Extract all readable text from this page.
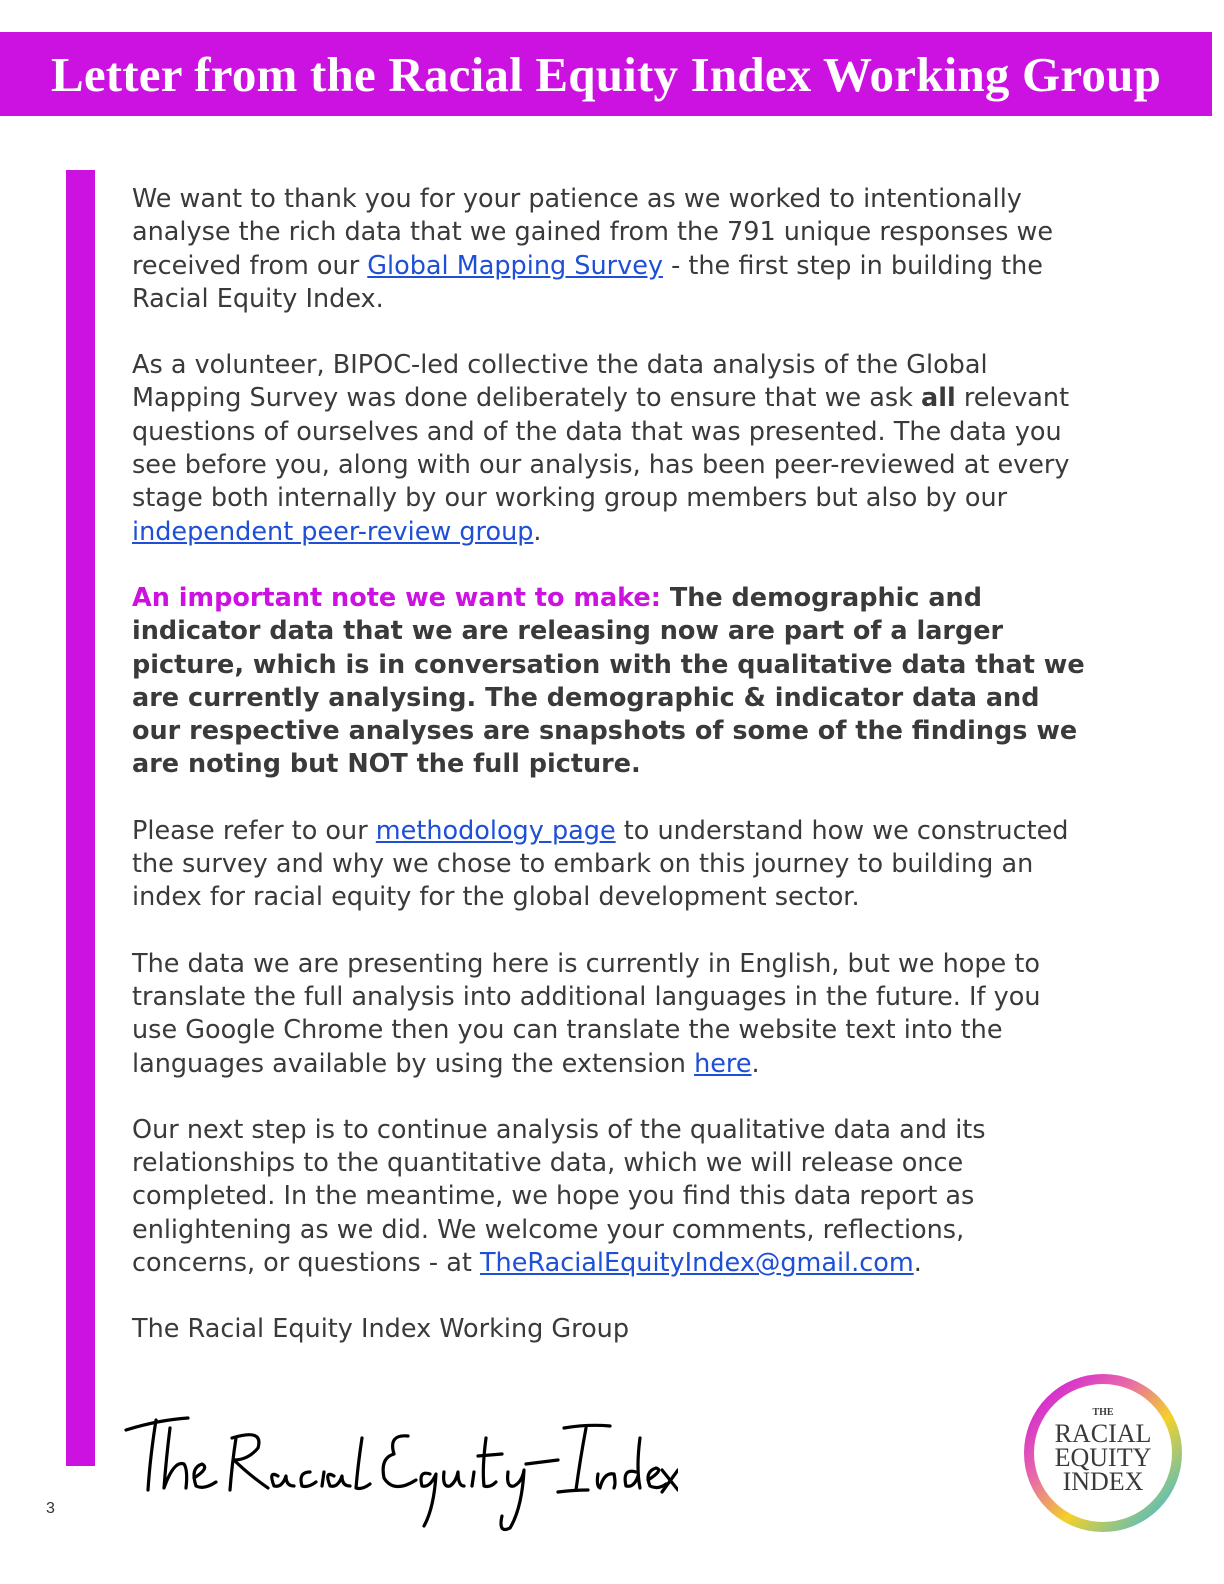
Letter from the Racial Equity Index Working Group

We want to thank you for your patience as we worked to intentionally analyse the rich data that we gained from the 791 unique responses we received from our Global Mapping Survey - the first step in building the Racial Equity Index.

As a volunteer, BIPOC-led collective the data analysis of the Global Mapping Survey was done deliberately to ensure that we ask all relevant questions of ourselves and of the data that was presented. The data you see before you, along with our analysis, has been peer-reviewed at every stage both internally by our working group members but also by our independent peer-review group.

An important note we want to make: The demographic and indicator data that we are releasing now are part of a larger picture, which is in conversation with the qualitative data that we are currently analysing. The demographic & indicator data and our respective analyses are snapshots of some of the findings we are noting but NOT the full picture.

Please refer to our methodology page to understand how we constructed the survey and why we chose to embark on this journey to building an index for racial equity for the global development sector.

The data we are presenting here is currently in English, but we hope to translate the full analysis into additional languages in the future. If you use Google Chrome then you can translate the website text into the languages available by using the extension here.

Our next step is to continue analysis of the qualitative data and its relationships to the quantitative data, which we will release once completed. In the meantime, we hope you find this data report as enlightening as we did. We welcome your comments, reflections, concerns, or questions - at TheRacialEquityIndex@gmail.com.

The Racial Equity Index Working Group

3
THE
RACIAL
EQUITY
INDEX
